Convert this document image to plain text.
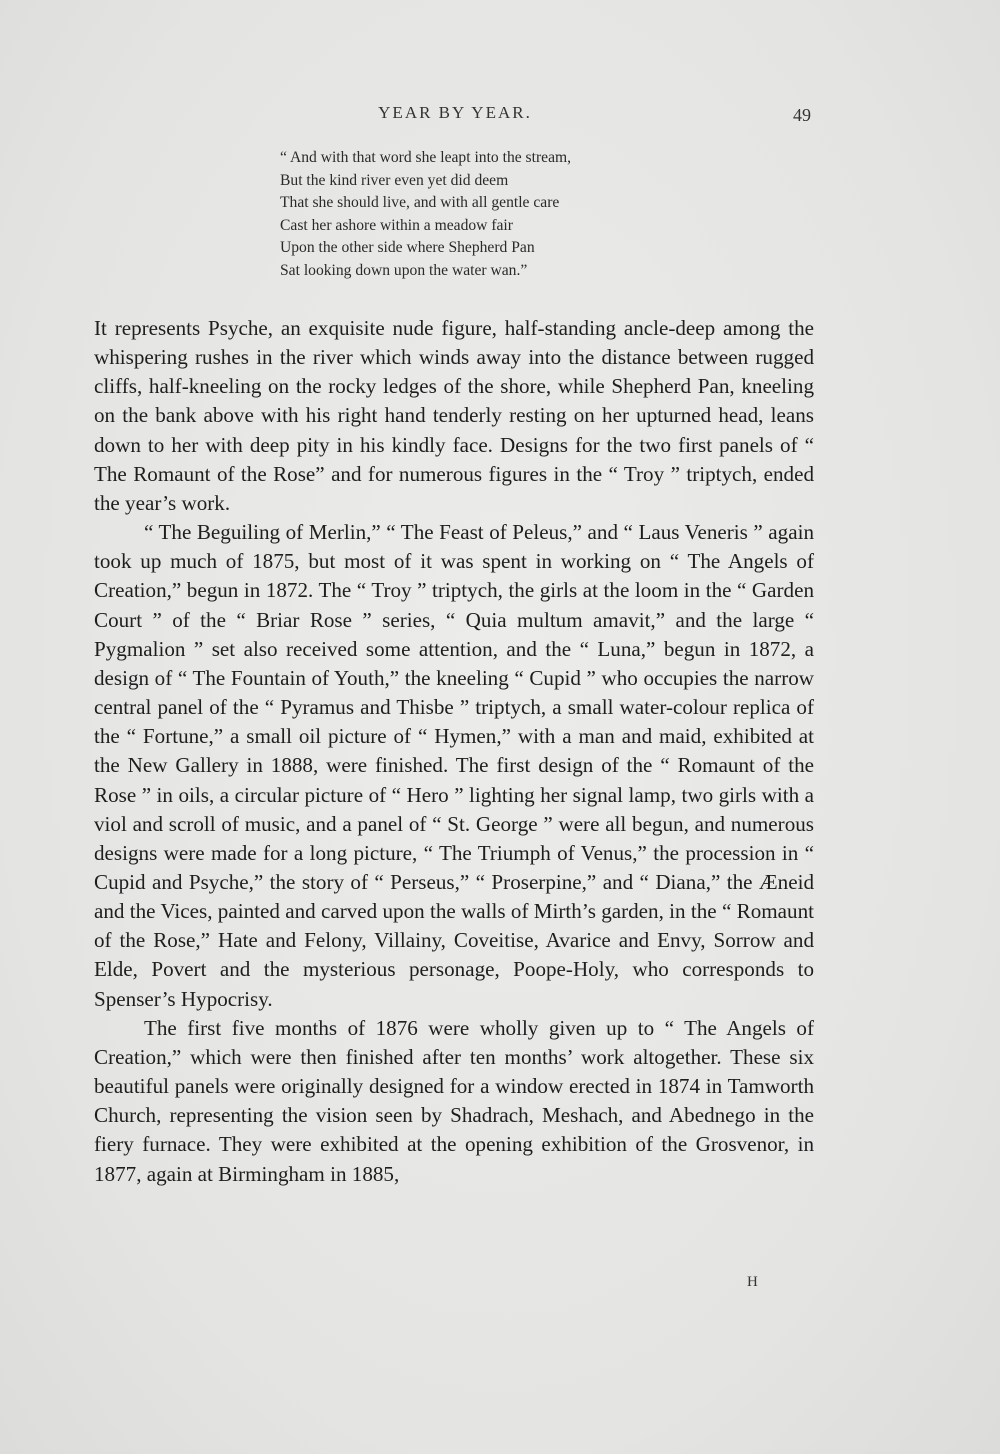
YEAR BY YEAR.	49
“ And with that word she leapt into the stream,
But the kind river even yet did deem
That she should live, and with all gentle care
Cast her ashore within a meadow fair
Upon the other side where Shepherd Pan
Sat looking down upon the water wan.”

It represents Psyche, an exquisite nude figure, half-standing ancle-deep among the whispering rushes in the river which winds away into the distance between rugged cliffs, half-kneeling on the rocky ledges of the shore, while Shepherd Pan, kneeling on the bank above with his right hand tenderly resting on her upturned head, leans down to her with deep pity in his kindly face. Designs for the two first panels of “ The Romaunt of the Rose” and for numerous figures in the “ Troy ” triptych, ended the year’s work.

“ The Beguiling of Merlin,” “ The Feast of Peleus,” and “ Laus Veneris ” again took up much of 1875, but most of it was spent in working on “ The Angels of Creation,” begun in 1872. The “ Troy ” triptych, the girls at the loom in the “ Garden Court ” of the “ Briar Rose ” series, “ Quia multum amavit,” and the large “ Pygmalion ” set also received some attention, and the “ Luna,” begun in 1872, a design of “ The Fountain of Youth,” the kneeling “ Cupid ” who occupies the narrow central panel of the “ Pyramus and Thisbe ” triptych, a small water-colour replica of the “ Fortune,” a small oil picture of “ Hymen,” with a man and maid, exhibited at the New Gallery in 1888, were finished. The first design of the “ Romaunt of the Rose ” in oils, a circular picture of “ Hero ” lighting her signal lamp, two girls with a viol and scroll of music, and a panel of “ St. George ” were all begun, and numerous designs were made for a long picture, “ The Triumph of Venus,” the procession in “ Cupid and Psyche,” the story of “ Perseus,” “ Proserpine,” and “ Diana,” the Æneid and the Vices, painted and carved upon the walls of Mirth’s garden, in the “ Romaunt of the Rose,” Hate and Felony, Villainy, Coveitise, Avarice and Envy, Sorrow and Elde, Povert and the mysterious personage, Poope-Holy, who corresponds to Spenser’s Hypocrisy.

The first five months of 1876 were wholly given up to “ The Angels of Creation,” which were then finished after ten months’ work altogether. These six beautiful panels were originally designed for a window erected in 1874 in Tamworth Church, representing the vision seen by Shadrach, Meshach, and Abednego in the fiery furnace. They were exhibited at the opening exhibition of the Grosvenor, in 1877, again at Birmingham in 1885,

H
